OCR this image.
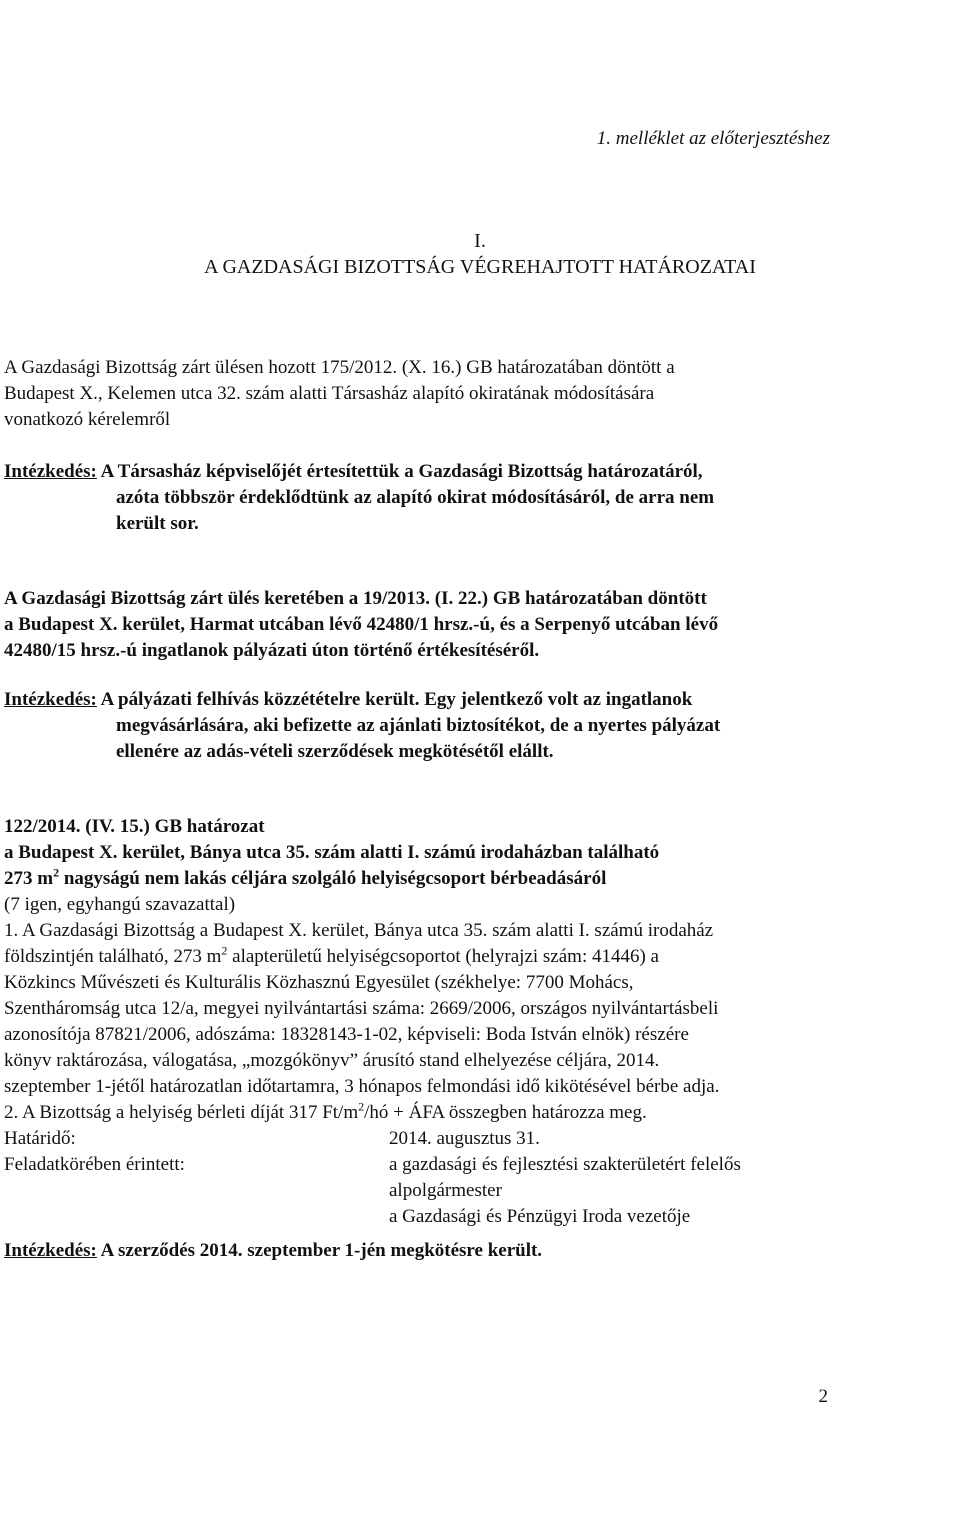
1. melléklet az előterjesztéshez
I.
A GAZDASÁGI BIZOTTSÁG VÉGREHAJTOTT HATÁROZATAI
A Gazdasági Bizottság zárt ülésen hozott 175/2012. (X. 16.) GB határozatában döntött a
Budapest X., Kelemen utca 32. szám alatti Társasház alapító okiratának módosítására
vonatkozó kérelemről
Intézkedés: A Társasház képviselőjét értesítettük a Gazdasági Bizottság határozatáról,
azóta többször érdeklődtünk az alapító okirat módosításáról, de arra nem
került sor.
A Gazdasági Bizottság zárt ülés keretében a 19/2013. (I. 22.) GB határozatában döntött
a Budapest X. kerület, Harmat utcában lévő 42480/1 hrsz.-ú, és a Serpenyő utcában lévő
42480/15 hrsz.-ú ingatlanok pályázati úton történő értékesítéséről.
Intézkedés: A pályázati felhívás közzétételre került. Egy jelentkező volt az ingatlanok
megvásárlására, aki befizette az ajánlati biztosítékot, de a nyertes pályázat
ellenére az adás-vételi szerződések megkötésétől elállt.
122/2014. (IV. 15.) GB határozat
a Budapest X. kerület, Bánya utca 35. szám alatti I. számú irodaházban található
273 $m^2$ nagyságú nem lakás céljára szolgáló helyiségcsoport bérbeadásáról
(7 igen, egyhangú szavazattal)
1. A Gazdasági Bizottság a Budapest X. kerület, Bánya utca 35. szám alatti I. számú irodaház
földszintjén található, 273 $m^2$ alapterületű helyiségcsoportot (helyrajzi szám: 41446) a
Közkincs Művészeti és Kulturális Közhasznú Egyesület (székhelye: 7700 Mohács,
Szentháromság utca 12/a, megyei nyilvántartási száma: 2669/2006, országos nyilvántartásbeli
azonosítója 87821/2006, adószáma: 18328143-1-02, képviseli: Boda István elnök) részére
könyv raktározása, válogatása, „mozgókönyv” árusító stand elhelyezése céljára, 2014.
szeptember 1-jétől határozatlan időtartamra, 3 hónapos felmondási idő kikötésével bérbe adja.
2. A Bizottság a helyiség bérleti díját 317 $Ft/m^2/hó$ + ÁFA összegben határozza meg.
Határidő:	2014. augusztus 31.
Feladatkörében érintett:	a gazdasági és fejlesztési szakterületért felelős
alpolgármester
a Gazdasági és Pénzügyi Iroda vezetője
Intézkedés: A szerződés 2014. szeptember 1-jén megkötésre került.
2
